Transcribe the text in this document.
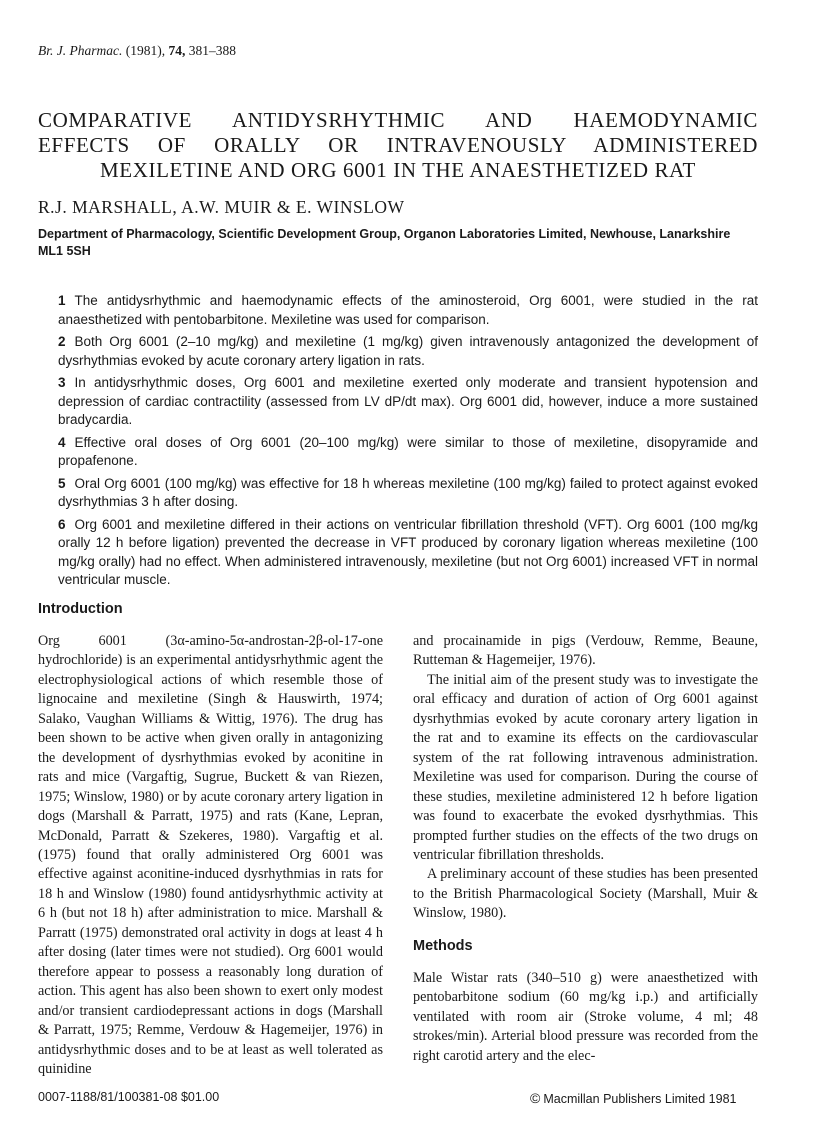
Br. J. Pharmac. (1981), 74, 381–388
COMPARATIVE ANTIDYSRHYTHMIC AND HAEMODYNAMIC
EFFECTS OF ORALLY OR INTRAVENOUSLY ADMINISTERED
MEXILETINE AND ORG 6001 IN THE ANAESTHETIZED RAT
R.J. MARSHALL, A.W. MUIR & E. WINSLOW
Department of Pharmacology, Scientific Development Group, Organon Laboratories Limited, Newhouse, Lanarkshire ML1 5SH
1 The antidysrhythmic and haemodynamic effects of the aminosteroid, Org 6001, were studied in the rat anaesthetized with pentobarbitone. Mexiletine was used for comparison.
2 Both Org 6001 (2–10 mg/kg) and mexiletine (1 mg/kg) given intravenously antagonized the development of dysrhythmias evoked by acute coronary artery ligation in rats.
3 In antidysrhythmic doses, Org 6001 and mexiletine exerted only moderate and transient hypotension and depression of cardiac contractility (assessed from LV dP/dt max). Org 6001 did, however, induce a more sustained bradycardia.
4 Effective oral doses of Org 6001 (20–100 mg/kg) were similar to those of mexiletine, disopyramide and propafenone.
5 Oral Org 6001 (100 mg/kg) was effective for 18 h whereas mexiletine (100 mg/kg) failed to protect against evoked dysrhythmias 3 h after dosing.
6 Org 6001 and mexiletine differed in their actions on ventricular fibrillation threshold (VFT). Org 6001 (100 mg/kg orally 12 h before ligation) prevented the decrease in VFT produced by coronary ligation whereas mexiletine (100 mg/kg orally) had no effect. When administered intravenously, mexiletine (but not Org 6001) increased VFT in normal ventricular muscle.
Introduction

Org 6001 (3α-amino-5α-androstan-2β-ol-17-one hydrochloride) is an experimental antidysrhythmic agent the electrophysiological actions of which resemble those of lignocaine and mexiletine (Singh & Hauswirth, 1974; Salako, Vaughan Williams & Wittig, 1976). The drug has been shown to be active when given orally in antagonizing the development of dysrhythmias evoked by aconitine in rats and mice (Vargaftig, Sugrue, Buckett & van Riezen, 1975; Winslow, 1980) or by acute coronary artery ligation in dogs (Marshall & Parratt, 1975) and rats (Kane, Lepran, McDonald, Parratt & Szekeres, 1980). Vargaftig et al. (1975) found that orally administered Org 6001 was effective against aconitine-induced dysrhythmias in rats for 18 h and Winslow (1980) found antidysrhythmic activity at 6 h (but not 18 h) after administration to mice. Marshall & Parratt (1975) demonstrated oral activity in dogs at least 4 h after dosing (later times were not studied). Org 6001 would therefore appear to possess a reasonably long duration of action. This agent has also been shown to exert only modest and/or transient cardiodepressant actions in dogs (Marshall & Parratt, 1975; Remme, Verdouw & Hagemeijer, 1976) in antidysrhythmic doses and to be at least as well tolerated as quinidine

and procainamide in pigs (Verdouw, Remme, Beaune, Rutteman & Hagemeijer, 1976).

The initial aim of the present study was to investigate the oral efficacy and duration of action of Org 6001 against dysrhythmias evoked by acute coronary artery ligation in the rat and to examine its effects on the cardiovascular system of the rat following intravenous administration. Mexiletine was used for comparison. During the course of these studies, mexiletine administered 12 h before ligation was found to exacerbate the evoked dysrhythmias. This prompted further studies on the effects of the two drugs on ventricular fibrillation thresholds.

A preliminary account of these studies has been presented to the British Pharmacological Society (Marshall, Muir & Winslow, 1980).

Methods

Male Wistar rats (340–510 g) were anaesthetized with pentobarbitone sodium (60 mg/kg i.p.) and artificially ventilated with room air (Stroke volume, 4 ml; 48 strokes/min). Arterial blood pressure was recorded from the right carotid artery and the elec-

0007-1188/81/100381-08 $01.00	© Macmillan Publishers Limited 1981
